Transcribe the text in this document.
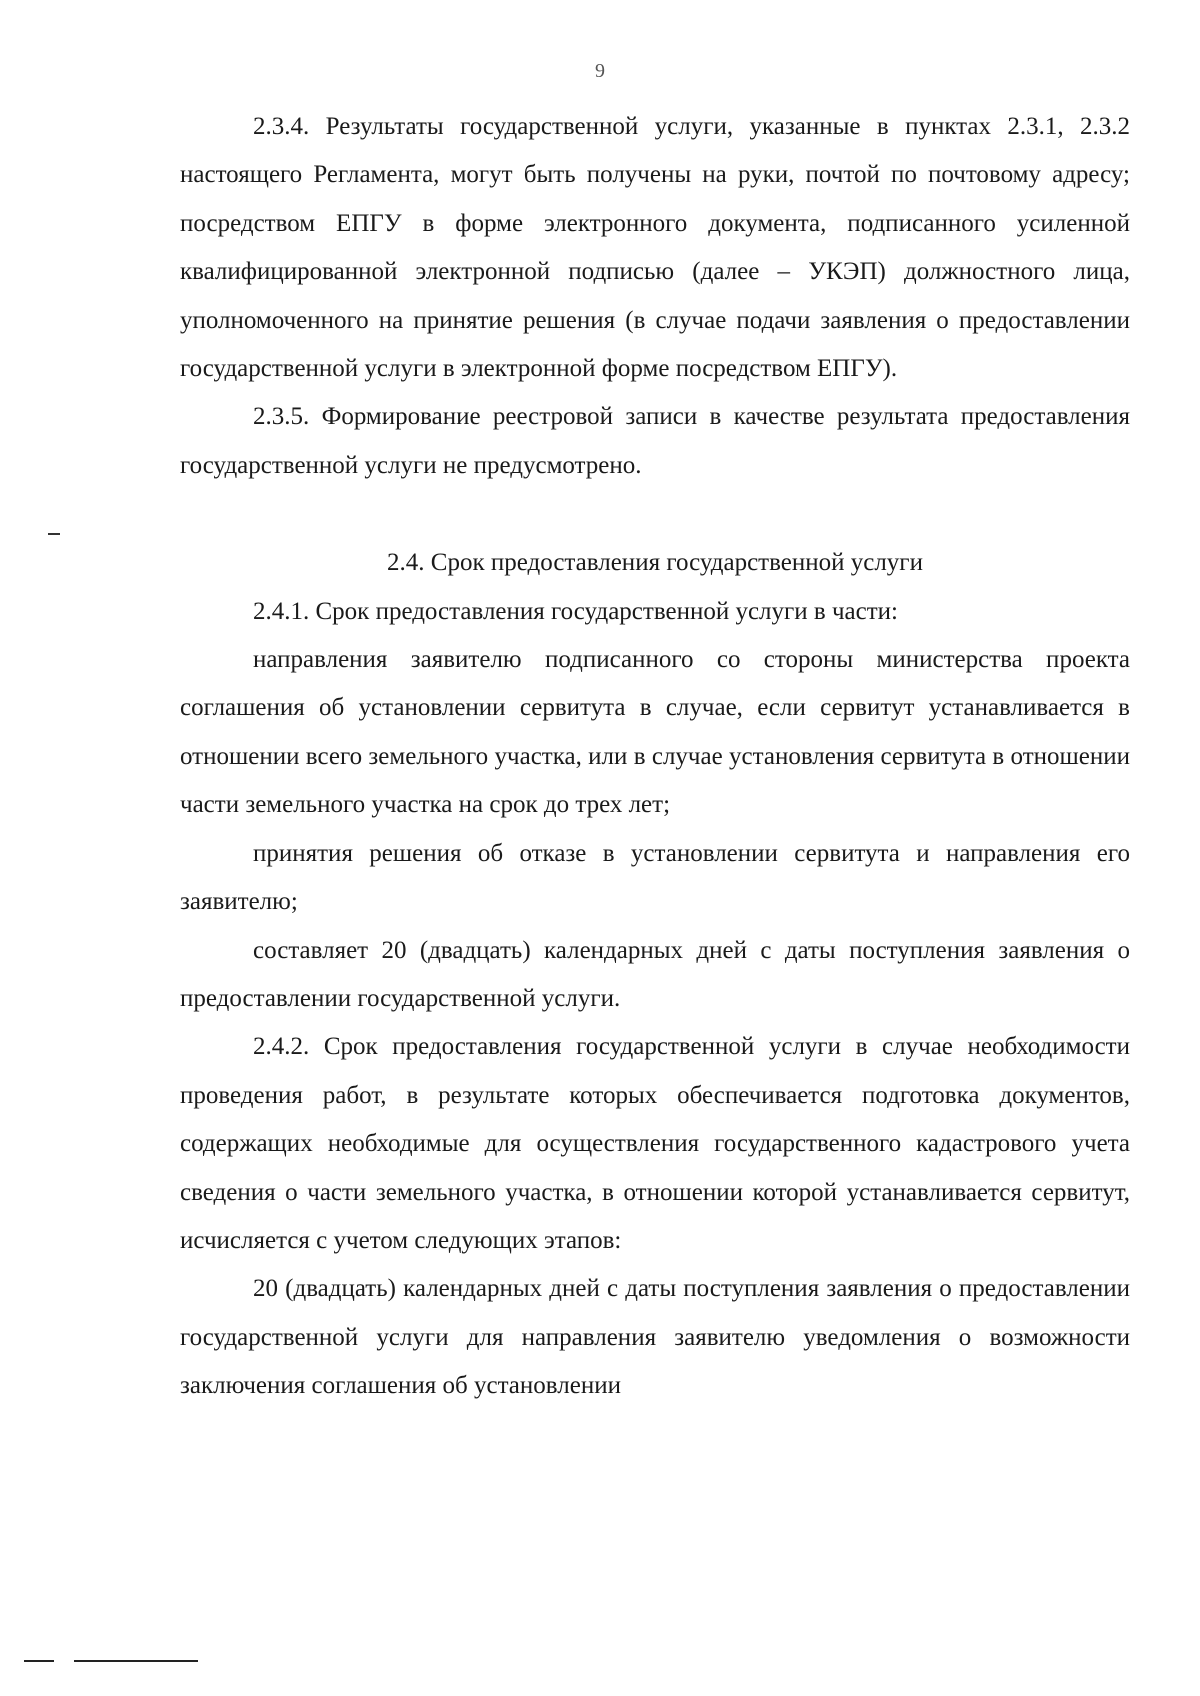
9

2.3.4. Результаты государственной услуги, указанные в пунктах 2.3.1, 2.3.2 настоящего Регламента, могут быть получены на руки, почтой по почтовому адресу; посредством ЕПГУ в форме электронного документа, подписанного усиленной квалифицированной электронной подписью (далее – УКЭП) должностного лица, уполномоченного на принятие решения (в случае подачи заявления о предоставлении государственной услуги в электронной форме посредством ЕПГУ).

2.3.5. Формирование реестровой записи в качестве результата предоставления государственной услуги не предусмотрено.

2.4. Срок предоставления государственной услуги

2.4.1. Срок предоставления государственной услуги в части:

направления заявителю подписанного со стороны министерства проекта соглашения об установлении сервитута в случае, если сервитут устанавливается в отношении всего земельного участка, или в случае установления сервитута в отношении части земельного участка на срок до трех лет;

принятия решения об отказе в установлении сервитута и направления его заявителю;

составляет 20 (двадцать) календарных дней с даты поступления заявления о предоставлении государственной услуги.

2.4.2. Срок предоставления государственной услуги в случае необходимости проведения работ, в результате которых обеспечивается подготовка документов, содержащих необходимые для осуществления государственного кадастрового учета сведения о части земельного участка, в отношении которой устанавливается сервитут, исчисляется с учетом следующих этапов:

20 (двадцать) календарных дней с даты поступления заявления о предоставлении государственной услуги для направления заявителю уведомления о возможности заключения соглашения об установлении
